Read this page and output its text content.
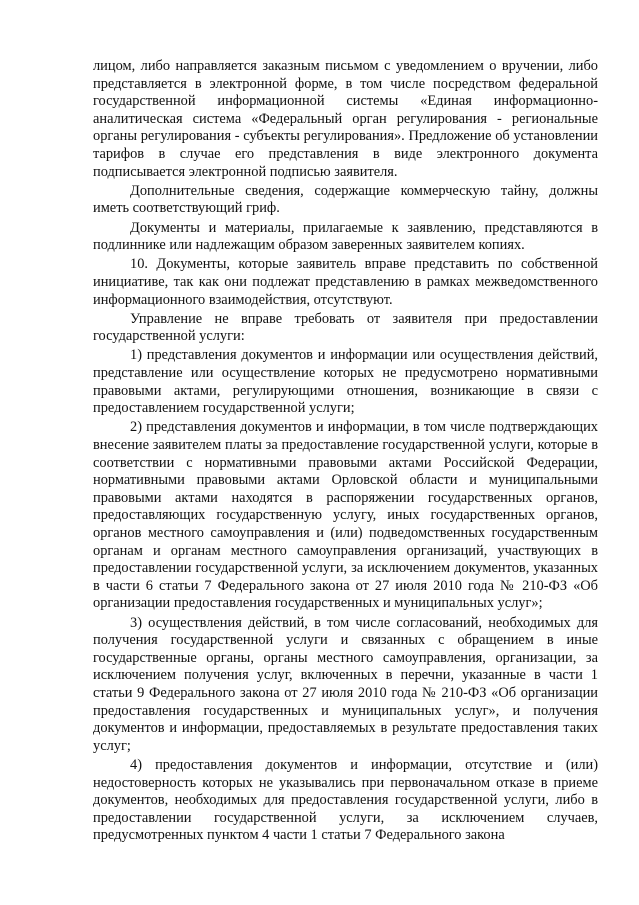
лицом, либо направляется заказным письмом с уведомлением о вручении, либо представляется в электронной форме, в том числе посредством федеральной государственной информационной системы «Единая информационно-аналитическая система «Федеральный орган регулирования - региональные органы регулирования - субъекты регулирования». Предложение об установлении тарифов в случае его представления в виде электронного документа подписывается электронной подписью заявителя.

Дополнительные сведения, содержащие коммерческую тайну, должны иметь соответствующий гриф.

Документы и материалы, прилагаемые к заявлению, представляются в подлиннике или надлежащим образом заверенных заявителем копиях.

10. Документы, которые заявитель вправе представить по собственной инициативе, так как они подлежат представлению в рамках межведомственного информационного взаимодействия, отсутствуют.

Управление не вправе требовать от заявителя при предоставлении государственной услуги:

1) представления документов и информации или осуществления действий, представление или осуществление которых не предусмотрено нормативными правовыми актами, регулирующими отношения, возникающие в связи с предоставлением государственной услуги;

2) представления документов и информации, в том числе подтверждающих внесение заявителем платы за предоставление государственной услуги, которые в соответствии с нормативными правовыми актами Российской Федерации, нормативными правовыми актами Орловской области и муниципальными правовыми актами находятся в распоряжении государственных органов, предоставляющих государственную услугу, иных государственных органов, органов местного самоуправления и (или) подведомственных государственным органам и органам местного самоуправления организаций, участвующих в предоставлении государственной услуги, за исключением документов, указанных в части 6 статьи 7 Федерального закона от 27 июля 2010 года № 210-ФЗ «Об организации предоставления государственных и муниципальных услуг»;

3) осуществления действий, в том числе согласований, необходимых для получения государственной услуги и связанных с обращением в иные государственные органы, органы местного самоуправления, организации, за исключением получения услуг, включенных в перечни, указанные в части 1 статьи 9 Федерального закона от 27 июля 2010 года № 210-ФЗ «Об организации предоставления государственных и муниципальных услуг», и получения документов и информации, предоставляемых в результате предоставления таких услуг;

4) предоставления документов и информации, отсутствие и (или) недостоверность которых не указывались при первоначальном отказе в приеме документов, необходимых для предоставления государственной услуги, либо в предоставлении государственной услуги, за исключением случаев, предусмотренных пунктом 4 части 1 статьи 7 Федерального закона
